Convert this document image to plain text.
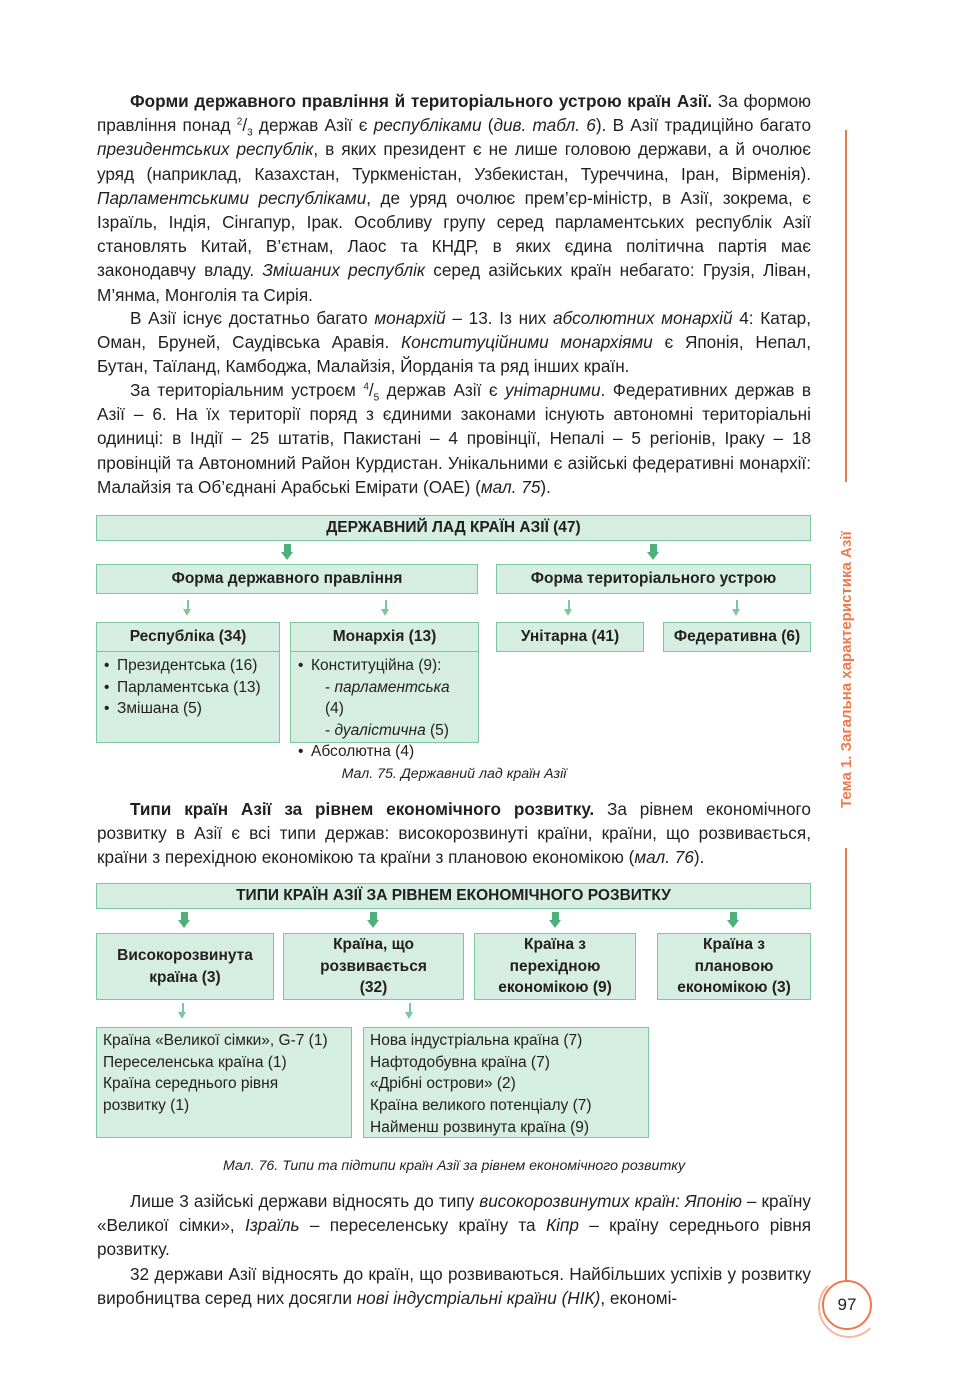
Форми державного правління й територіального устрою країн Азії. За формою правління понад $^2/_3$ держав Азії є республіками (див. табл. 6). В Азії традиційно багато президентських республік, в яких президент є не лише головою держави, а й очолює уряд (наприклад, Казахстан, Туркменістан, Узбекистан, Туреччина, Іран, Вірменія). Парламентськими республіками, де уряд очолює прем’єр-міністр, в Азії, зокрема, є Ізраїль, Індія, Сінгапур, Ірак. Особливу групу серед парламентських республік Азії становлять Китай, В’єтнам, Лаос та КНДР, в яких єдина політична партія має законодавчу владу. Змішаних республік серед азійських країн небагато: Грузія, Ліван, М’янма, Монголія та Сирія.

В Азії існує достатньо багато монархій – 13. Із них абсолютних монархій 4: Катар, Оман, Бруней, Саудівська Аравія. Конституційними монархіями є Японія, Непал, Бутан, Таїланд, Камбоджа, Малайзія, Йорданія та ряд інших країн.

За територіальним устроєм $^4/_5$ держав Азії є унітарними. Федеративних держав в Азії – 6. На їх території поряд з єдиними законами існують автономні територіальні одиниці: в Індії – 25 штатів, Пакистані – 4 провінції, Непалі – 5 регіонів, Іраку – 18 провінцій та Автономний Район Курдистан. Унікальними є азійські федеративні монархії: Малайзія та Об’єднані Арабські Емірати (ОАЕ) (мал. 75).

ДЕРЖАВНИЙ ЛАД КРАЇН АЗІЇ (47)
Форма державного правління	Форма територіального устрою
Республіка (34)	Монархія (13)	Унітарна (41)	Федеративна (6)
• Президентська (16)
• Парламентська (13)
• Змішана (5)
• Конституційна (9):
- парламентська (4)
- дуалістична (5)
• Абсолютна (4)
Мал. 75. Державний лад країн Азії

Типи країн Азії за рівнем економічного розвитку. За рівнем економічного розвитку в Азії є всі типи держав: високорозвинуті країни, країни, що розвивається, країни з перехідною економікою та країни з плановою економікою (мал. 76).

ТИПИ КРАЇН АЗІЇ ЗА РІВНЕМ ЕКОНОМІЧНОГО РОЗВИТКУ
Високорозвинута країна (3)
Країна, що розвивається (32)
Країна з перехідною економікою (9)
Країна з плановою економікою (3)
Країна «Великої сімки», G-7 (1)
Переселенська країна (1)
Країна середнього рівня розвитку (1)
Нова індустріальна країна (7)
Нафтодобувна країна (7)
«Дрібні острови» (2)
Країна великого потенціалу (7)
Найменш розвинута країна (9)
Мал. 76. Типи та підтипи країн Азії за рівнем економічного розвитку

Лише 3 азійські держави відносять до типу високорозвинутих країн: Японію – країну «Великої сімки», Ізраїль – переселенську країну та Кіпр – країну середнього рівня розвитку.

32 держави Азії відносять до країн, що розвиваються. Найбільших успіхів у розвитку виробництва серед них досягли нові індустріальні країни (НІК), економі-

Тема 1. Загальна характеристика Азії
97
